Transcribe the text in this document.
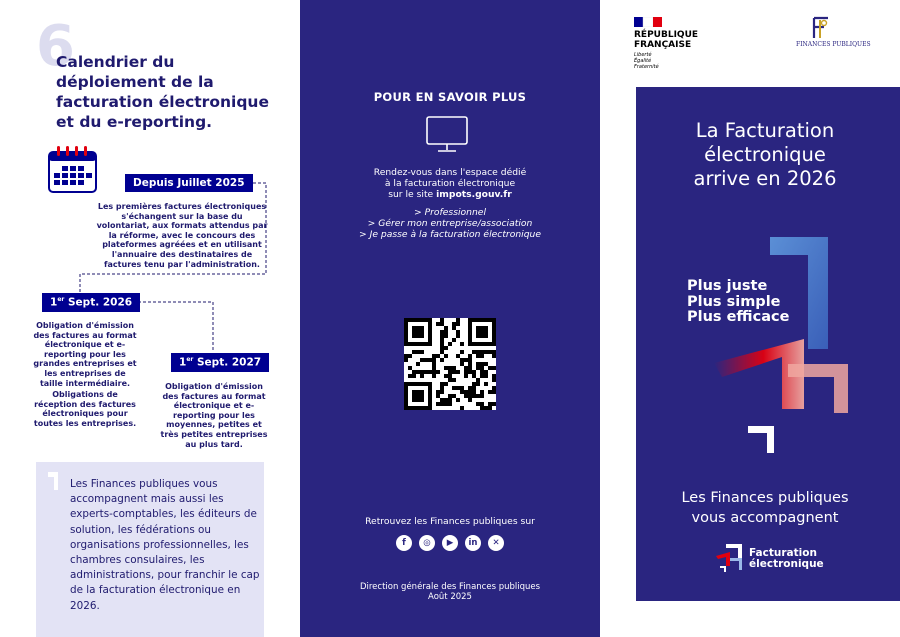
6
Calendrier du déploiement de la facturation électronique et du e-reporting.
Depuis Juillet 2025
Les premières factures électroniques s'échangent sur la base du volontariat, aux formats attendus par la réforme, avec le concours des plateformes agréées et en utilisant l'annuaire des destinataires de factures tenu par l'administration.
1er Sept. 2026
Obligation d'émission des factures au format électronique et e-reporting pour les grandes entreprises et les entreprises de taille intermédiaire.
Obligations de réception des factures électroniques pour toutes les entreprises.
1er Sept. 2027
Obligation d'émission des factures au format électronique et e-reporting pour les moyennes, petites et très petites entreprises au plus tard.
Les Finances publiques vous accompagnent mais aussi les experts-comptables, les éditeurs de solution, les fédérations ou organisations professionnelles, les chambres consulaires, les administrations, pour franchir le cap de la facturation électronique en 2026.
POUR EN SAVOIR PLUS
Rendez-vous dans l'espace dédié
à la facturation électronique
sur le site impots.gouv.fr
> Professionnel
> Gérer mon entreprise/association
> Je passe à la facturation électronique
Retrouvez les Finances publiques sur
f	◎	▶	in	✕
Direction générale des Finances publiques
Août 2025
RÉPUBLIQUE
FRANÇAISE
Liberté
Égalité
Fraternité
FINANCES PUBLIQUES
La Facturation
électronique
arrive en 2026
Plus juste
Plus simple
Plus efficace
Les Finances publiques
vous accompagnent
Facturation
électronique
